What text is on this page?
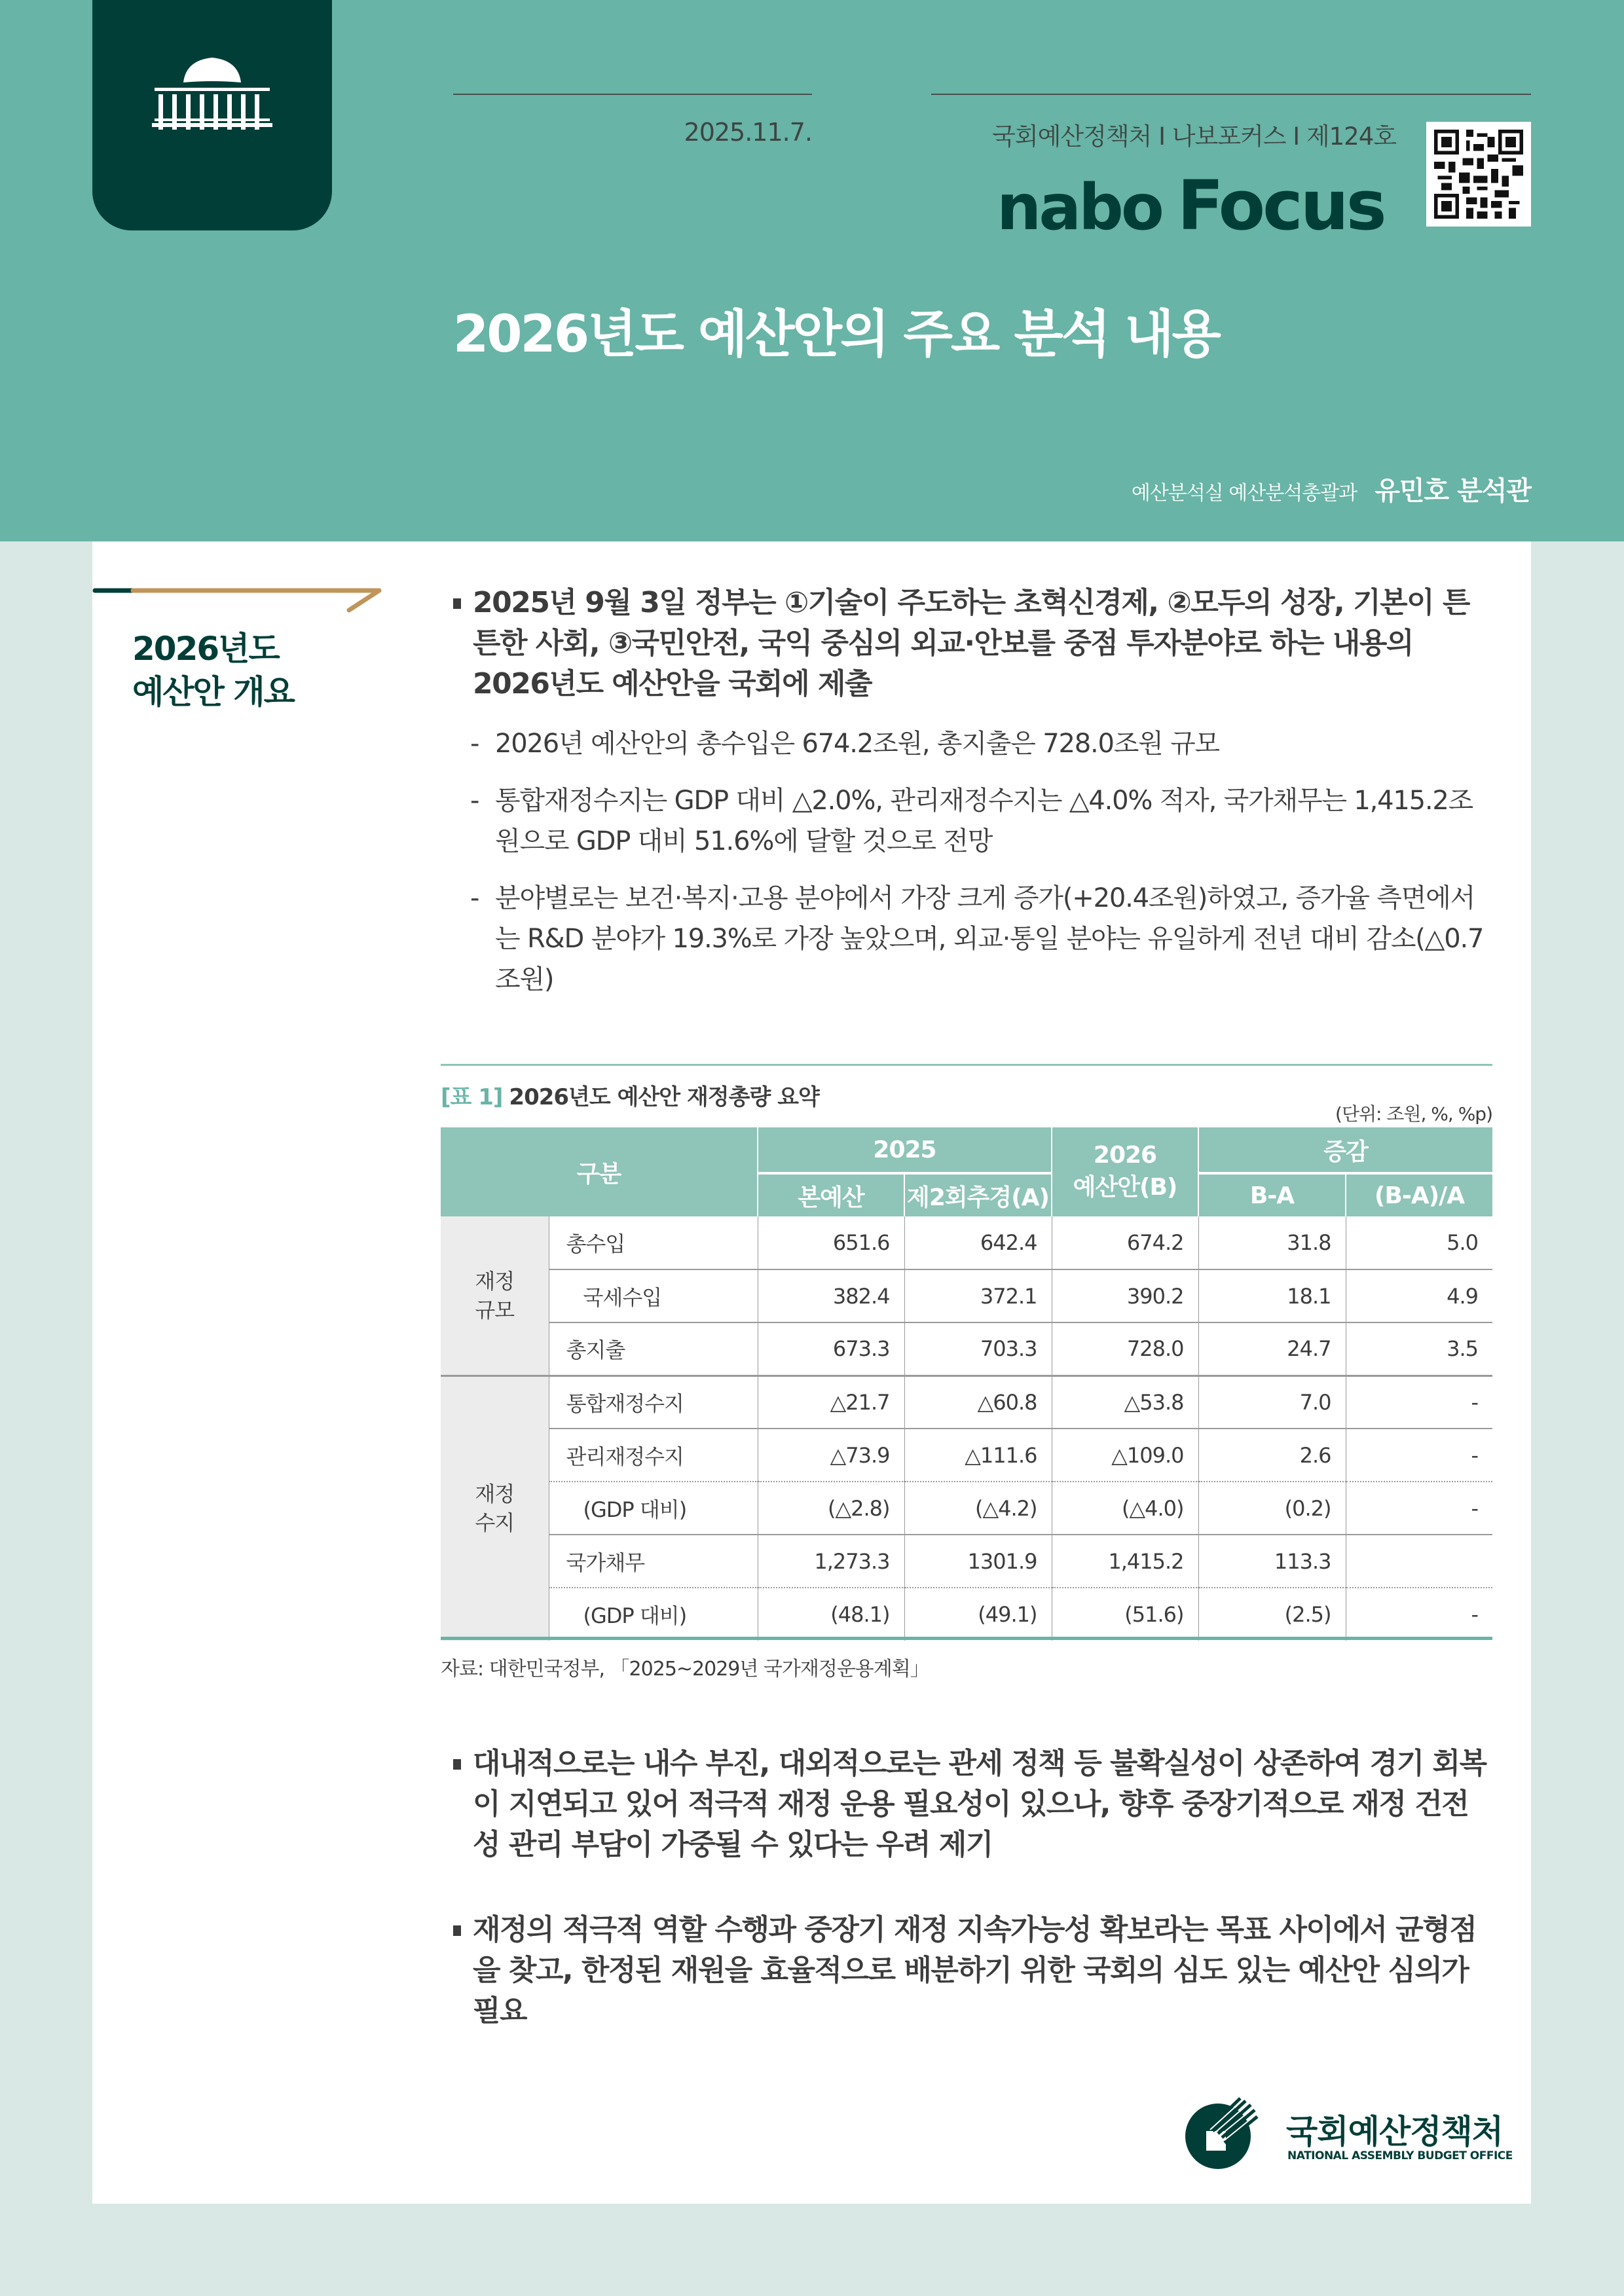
2025.11.7.	국회예산정책처 I 나보포커스 I 제124호
nabo Focus
2026년도 예산안의 주요 분석 내용
예산분석실 예산분석총괄과 유민호 분석관
2026년도
예산안 개요
2025년 9월 3일 정부는 ①기술이 주도하는 초혁신경제, ②모두의 성장, 기본이 튼튼한 사회, ③국민안전, 국익 중심의 외교·안보를 중점 투자분야로 하는 내용의 2026년도 예산안을 국회에 제출
- 2026년 예산안의 총수입은 674.2조원, 총지출은 728.0조원 규모
- 통합재정수지는 GDP 대비 △2.0%, 관리재정수지는 △4.0% 적자, 국가채무는 1,415.2조원으로 GDP 대비 51.6%에 달할 것으로 전망
- 분야별로는 보건·복지·고용 분야에서 가장 크게 증가(+20.4조원)하였고, 증가율 측면에서는 R&D 분야가 19.3%로 가장 높았으며, 외교·통일 분야는 유일하게 전년 대비 감소(△0.7조원)
[표 1] 2026년도 예산안 재정총량 요약
(단위: 조원, %, %p)
구분		2025		2026
예산안(B)	증감	
		본예산	제2회추경(A)		B-A	(B-A)/A

재정
규모	총수입	651.6	642.4	674.2	31.8	5.0
	국세수입	382.4	372.1	390.2	18.1	4.9
	총지출	673.3	703.3	728.0	24.7	3.5

재정
수지	통합재정수지	△21.7	△60.8	△53.8	7.0	-
	관리재정수지	△73.9	△111.6	△109.0	2.6	-
	(GDP 대비)	(△2.8)	(△4.2)	(△4.0)	(0.2)	-
	국가채무	1,273.3	1301.9	1,415.2	113.3	
	(GDP 대비)	(48.1)	(49.1)	(51.6)	(2.5)	-
자료: 대한민국정부, 「2025~2029년 국가재정운용계획」
대내적으로는 내수 부진, 대외적으로는 관세 정책 등 불확실성이 상존하여 경기 회복이 지연되고 있어 적극적 재정 운용 필요성이 있으나, 향후 중장기적으로 재정 건전성 관리 부담이 가중될 수 있다는 우려 제기
재정의 적극적 역할 수행과 중장기 재정 지속가능성 확보라는 목표 사이에서 균형점을 찾고, 한정된 재원을 효율적으로 배분하기 위한 국회의 심도 있는 예산안 심의가 필요
국회예산정책처
NATIONAL ASSEMBLY BUDGET OFFICE
